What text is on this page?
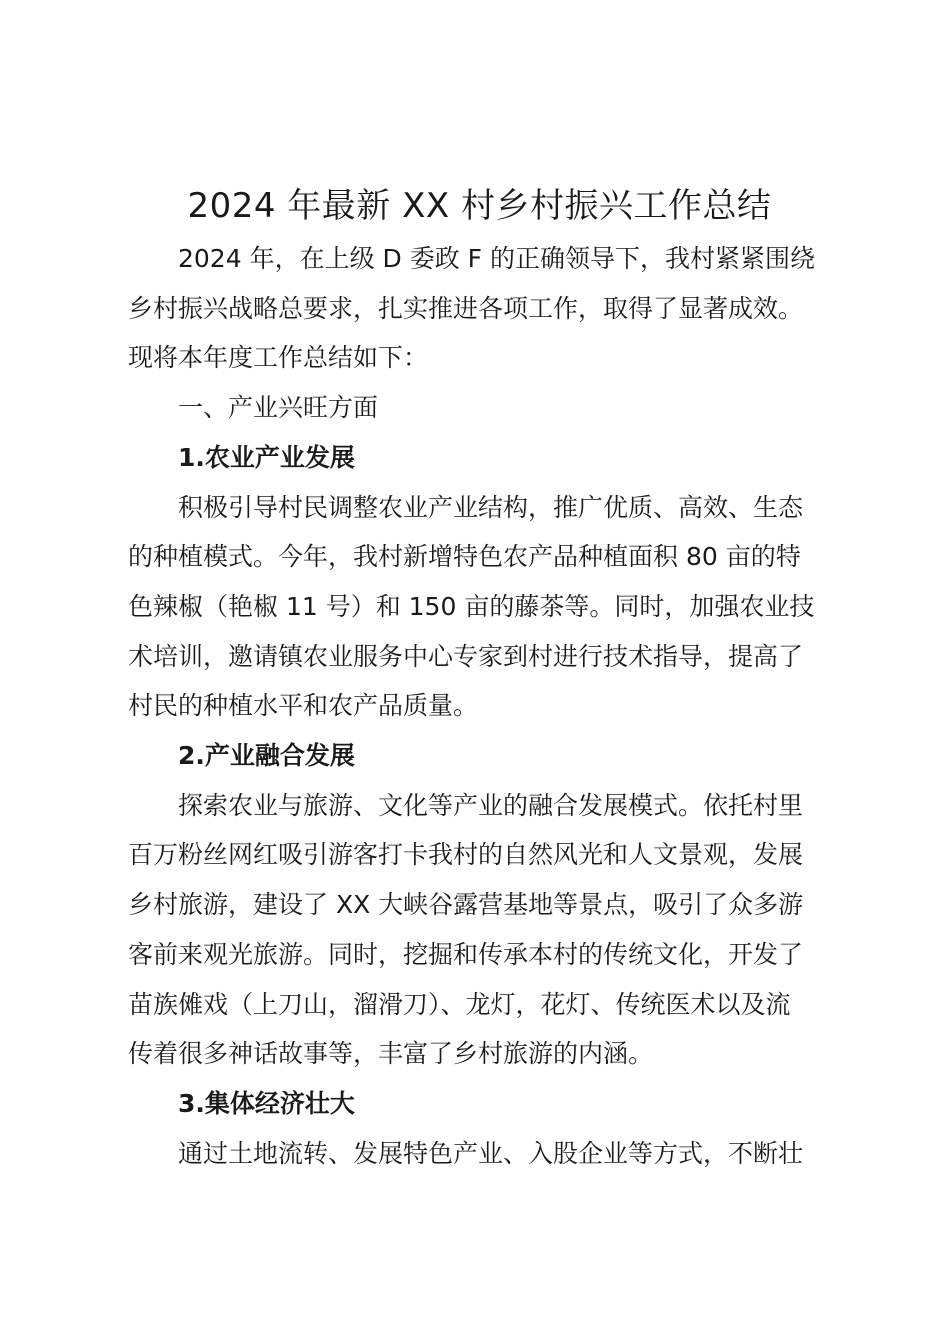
2024 年最新 XX 村乡村振兴工作总结

2024 年，在上级 D 委政 F 的正确领导下，我村紧紧围绕
乡村振兴战略总要求，扎实推进各项工作，取得了显著成效。
现将本年度工作总结如下：

一、产业兴旺方面

1.农业产业发展

积极引导村民调整农业产业结构，推广优质、高效、生态
的种植模式。今年，我村新增特色农产品种植面积 80 亩的特
色辣椒（艳椒 11 号）和 150 亩的藤茶等。同时，加强农业技
术培训，邀请镇农业服务中心专家到村进行技术指导，提高了
村民的种植水平和农产品质量。

2.产业融合发展

探索农业与旅游、文化等产业的融合发展模式。依托村里
百万粉丝网红吸引游客打卡我村的自然风光和人文景观，发展
乡村旅游，建设了 XX 大峡谷露营基地等景点，吸引了众多游
客前来观光旅游。同时，挖掘和传承本村的传统文化，开发了
苗族傩戏（上刀山，溜滑刀）、龙灯，花灯、传统医术以及流
传着很多神话故事等，丰富了乡村旅游的内涵。

3.集体经济壮大

通过土地流转、发展特色产业、入股企业等方式，不断壮
